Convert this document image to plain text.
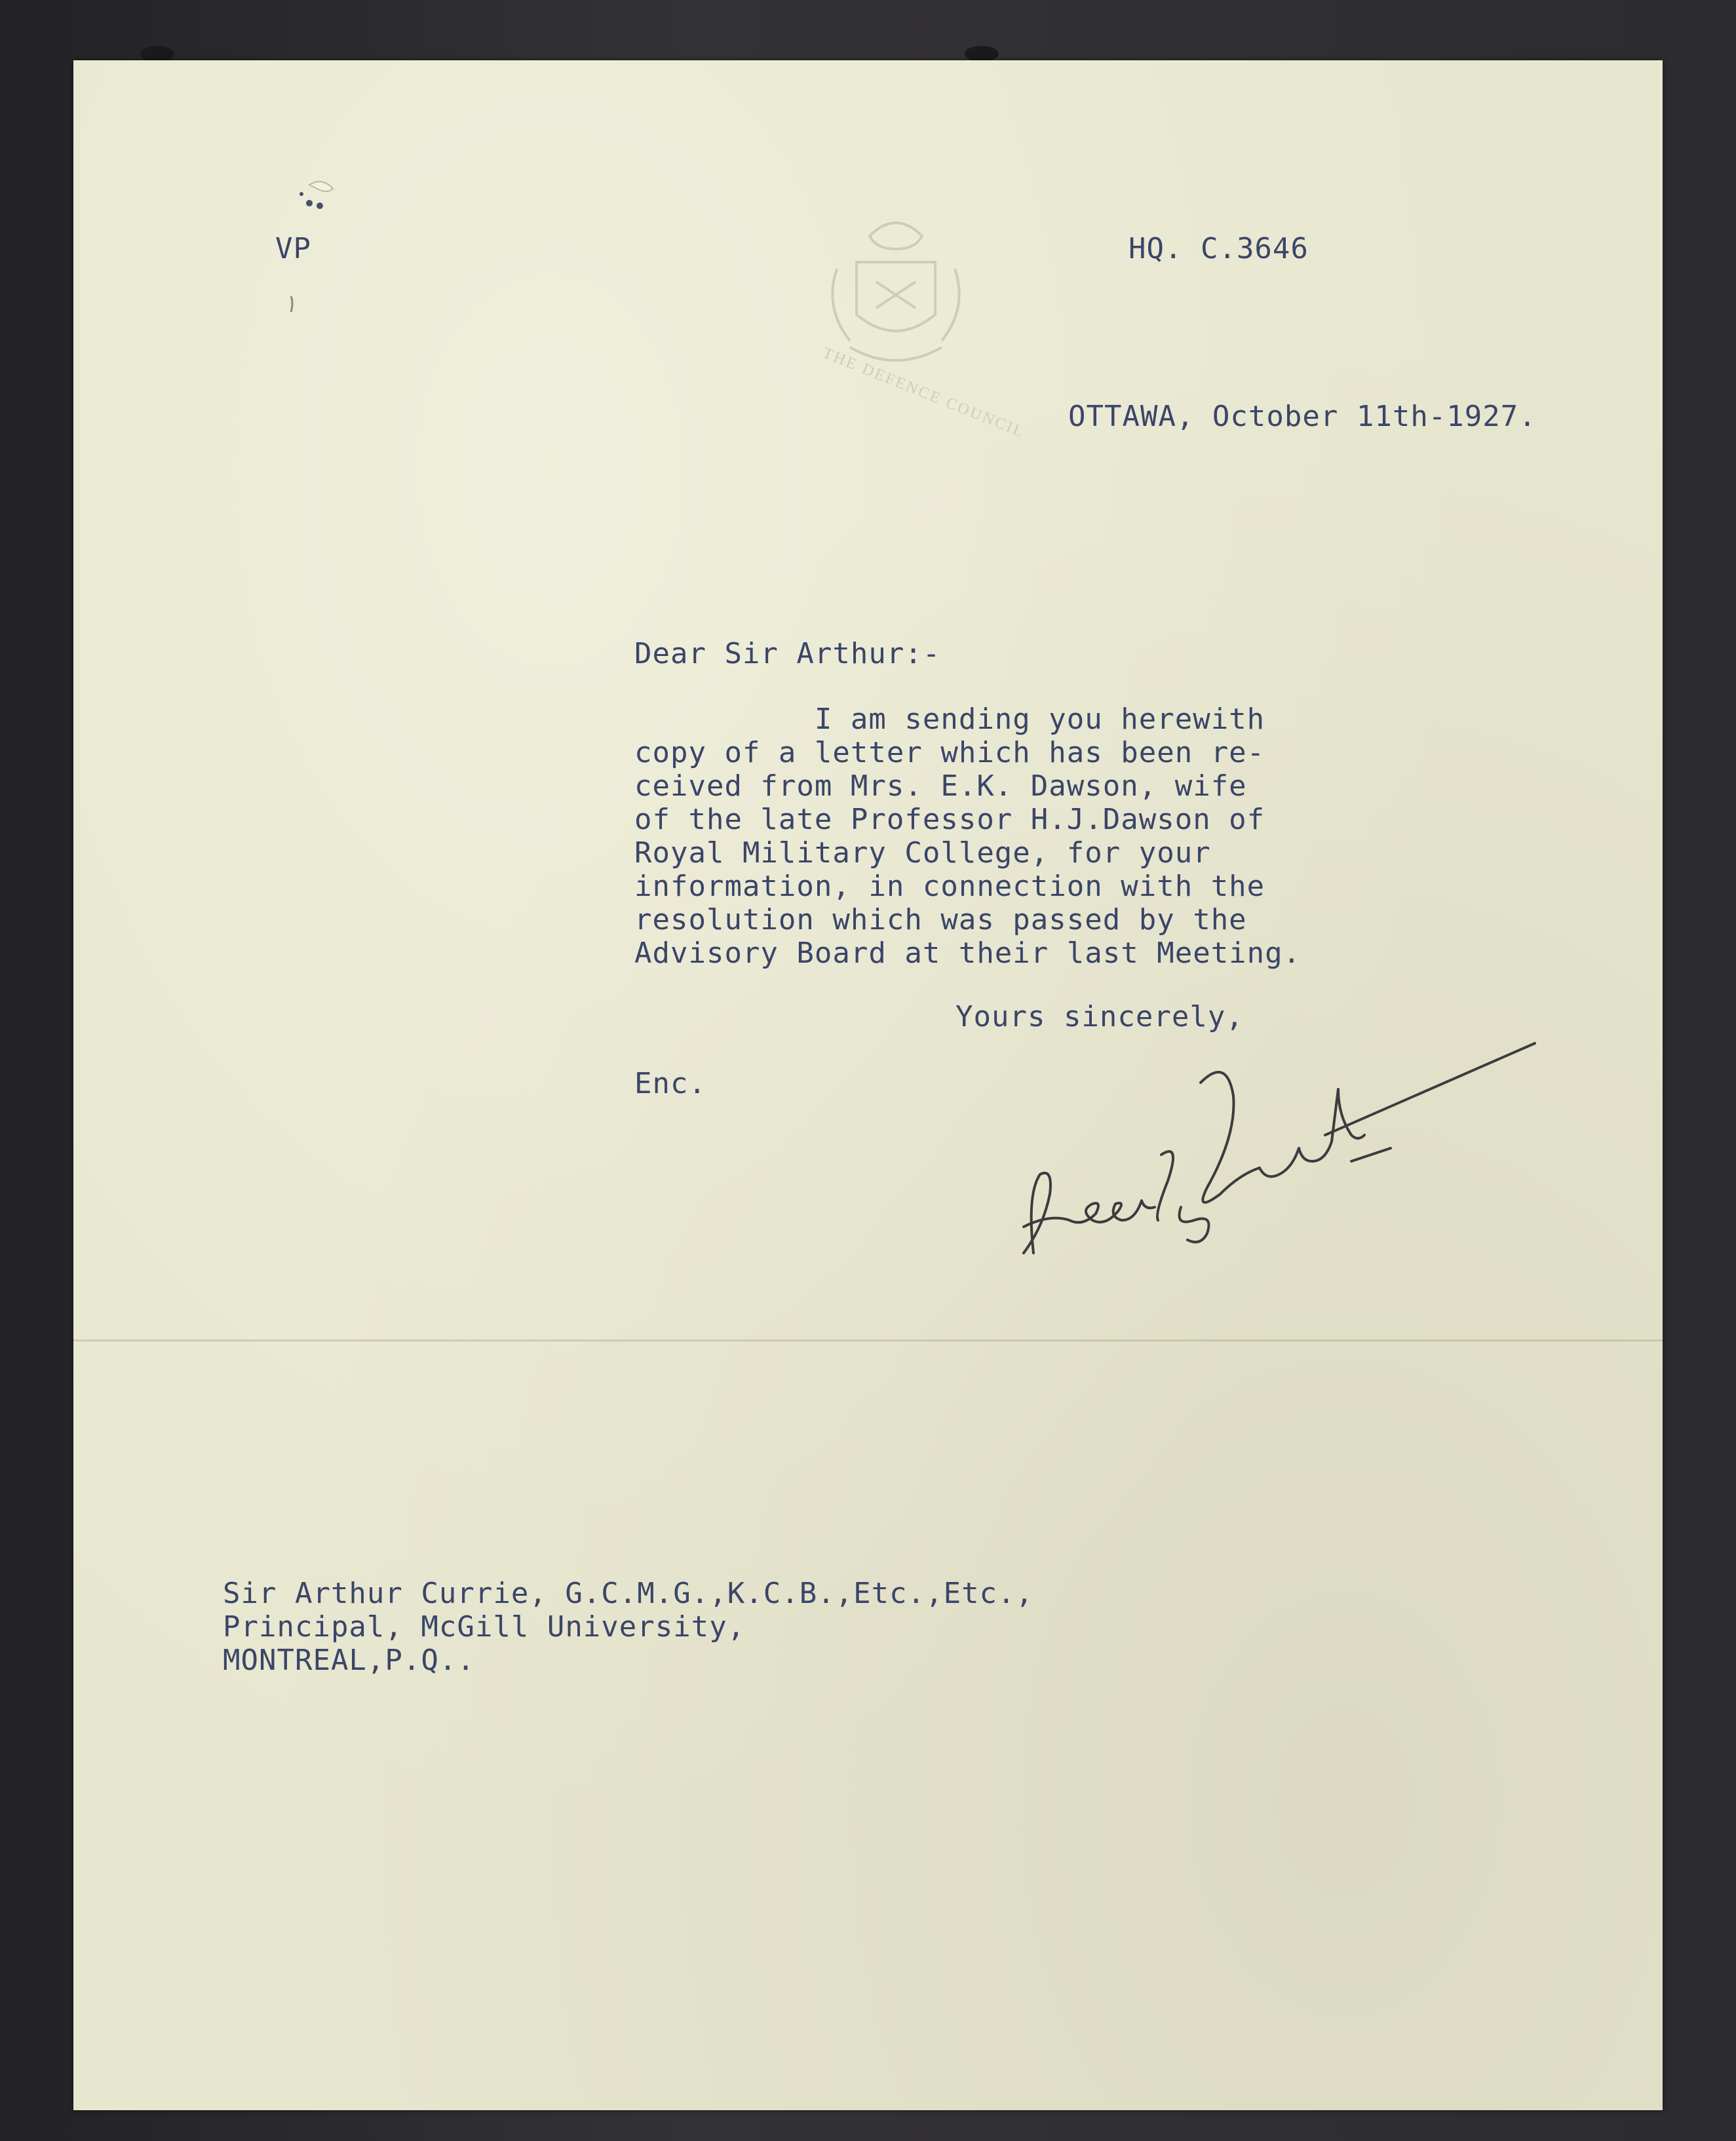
THE DEFENCE COUNCIL
VP	HQ. C.3646
OTTAWA, October 11th-1927.
Dear Sir Arthur:-
I am sending you herewith
copy of a letter which has been re-
ceived from Mrs. E.K. Dawson, wife
of the late Professor H.J.Dawson of
Royal Military College, for your
information, in connection with the
resolution which was passed by the
Advisory Board at their last Meeting.
Yours sincerely,
Enc.
Henry Smart
Sir Arthur Currie, G.C.M.G.,K.C.B.,Etc.,Etc.,
Principal, McGill University,
MONTREAL,P.Q..
